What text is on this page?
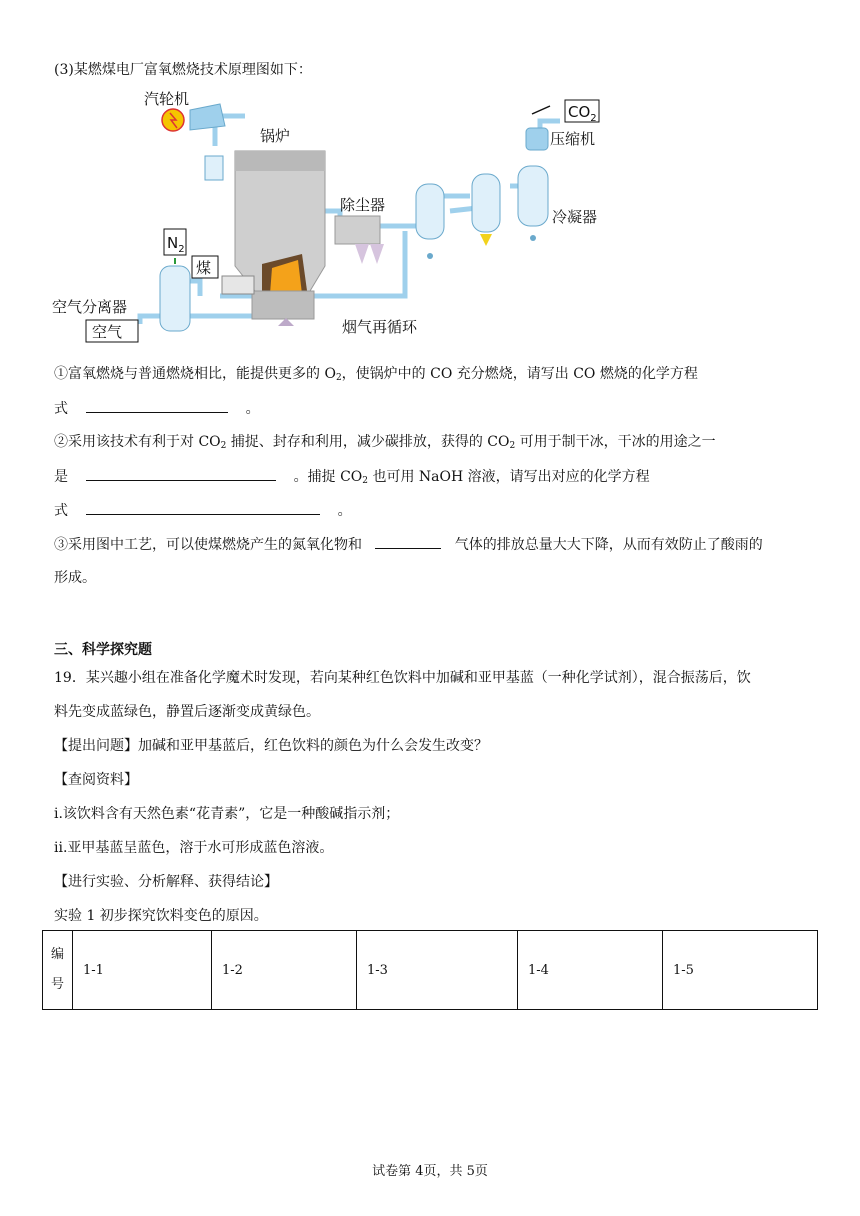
(3)某燃煤电厂富氧燃烧技术原理图如下：
汽轮机
锅炉
煤
$N_2$
空气分离器
空气
除尘器
冷凝器
压缩机
$CO_2$
烟气再循环
①富氧燃烧与普通燃烧相比，能提供更多的 $O_2$，使锅炉中的 CO 充分燃烧，请写出 CO 燃烧的化学方程
式	。
②采用该技术有利于对 $CO_2$ 捕捉、封存和利用，减少碳排放，获得的 $CO_2$ 可用于制干冰，干冰的用途之一
是	。捕捉 $CO_2$ 也可用 NaOH 溶液，请写出对应的化学方程
式	。
③采用图中工艺，可以使煤燃烧产生的氮氧化物和	气体的排放总量大大下降，从而有效防止了酸雨的
形成。
三、科学探究题
19．某兴趣小组在准备化学魔术时发现，若向某种红色饮料中加碱和亚甲基蓝（一种化学试剂），混合振荡后，饮
料先变成蓝绿色，静置后逐渐变成黄绿色。
【提出问题】加碱和亚甲基蓝后，红色饮料的颜色为什么会发生改变？
【查阅资料】
i.该饮料含有天然色素“花青素”，它是一种酸碱指示剂；
ii.亚甲基蓝呈蓝色，溶于水可形成蓝色溶液。
【进行实验、分析解释、获得结论】
实验 1 初步探究饮料变色的原因。
编号	1-1	1-2	1-3	1-4	1-5
试卷第 4页，共 5页
